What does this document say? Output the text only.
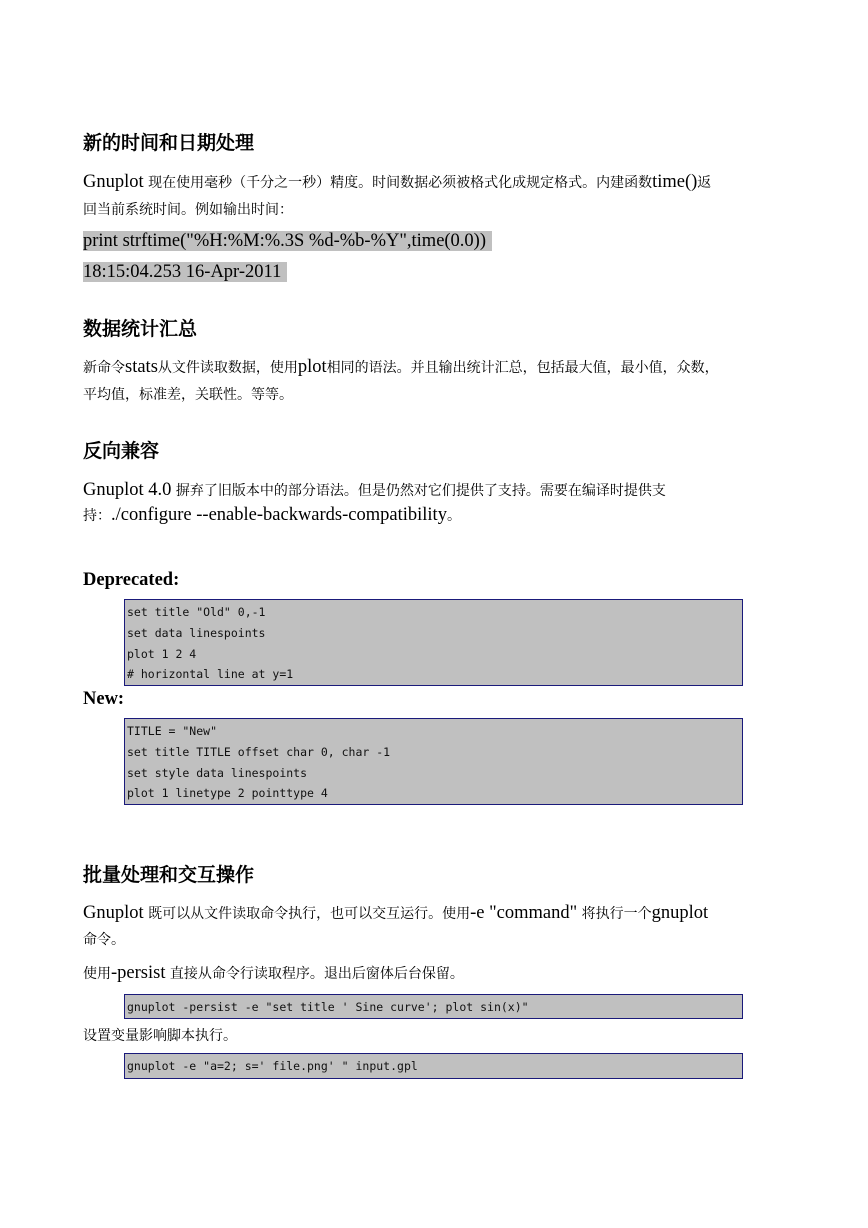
新的时间和日期处理
Gnuplot 现在使用毫秒（千分之一秒）精度。时间数据必须被格式化成规定格式。内建函数time()返
回当前系统时间。例如输出时间：
print strftime("%H:%M:%.3S %d-%b-%Y",time(0.0))
18:15:04.253 16-Apr-2011
数据统计汇总
新命令stats从文件读取数据，使用plot相同的语法。并且输出统计汇总，包括最大值，最小值，众数，
平均值，标准差，关联性。等等。
反向兼容
Gnuplot 4.0 摒弃了旧版本中的部分语法。但是仍然对它们提供了支持。需要在编译时提供支
持：./configure --enable-backwards-compatibility。
Deprecated:
set title "Old" 0,-1
set data linespoints
plot 1 2 4
# horizontal line at y=1
New:
TITLE = "New"
set title TITLE offset char 0, char -1
set style data linespoints
plot 1 linetype 2 pointtype 4
批量处理和交互操作
Gnuplot 既可以从文件读取命令执行，也可以交互运行。使用-e "command" 将执行一个gnuplot
命令。
使用-persist 直接从命令行读取程序。退出后窗体后台保留。
gnuplot -persist -e "set title ' Sine curve'; plot sin(x)"
设置变量影响脚本执行。
gnuplot -e "a=2; s=' file.png' " input.gpl
